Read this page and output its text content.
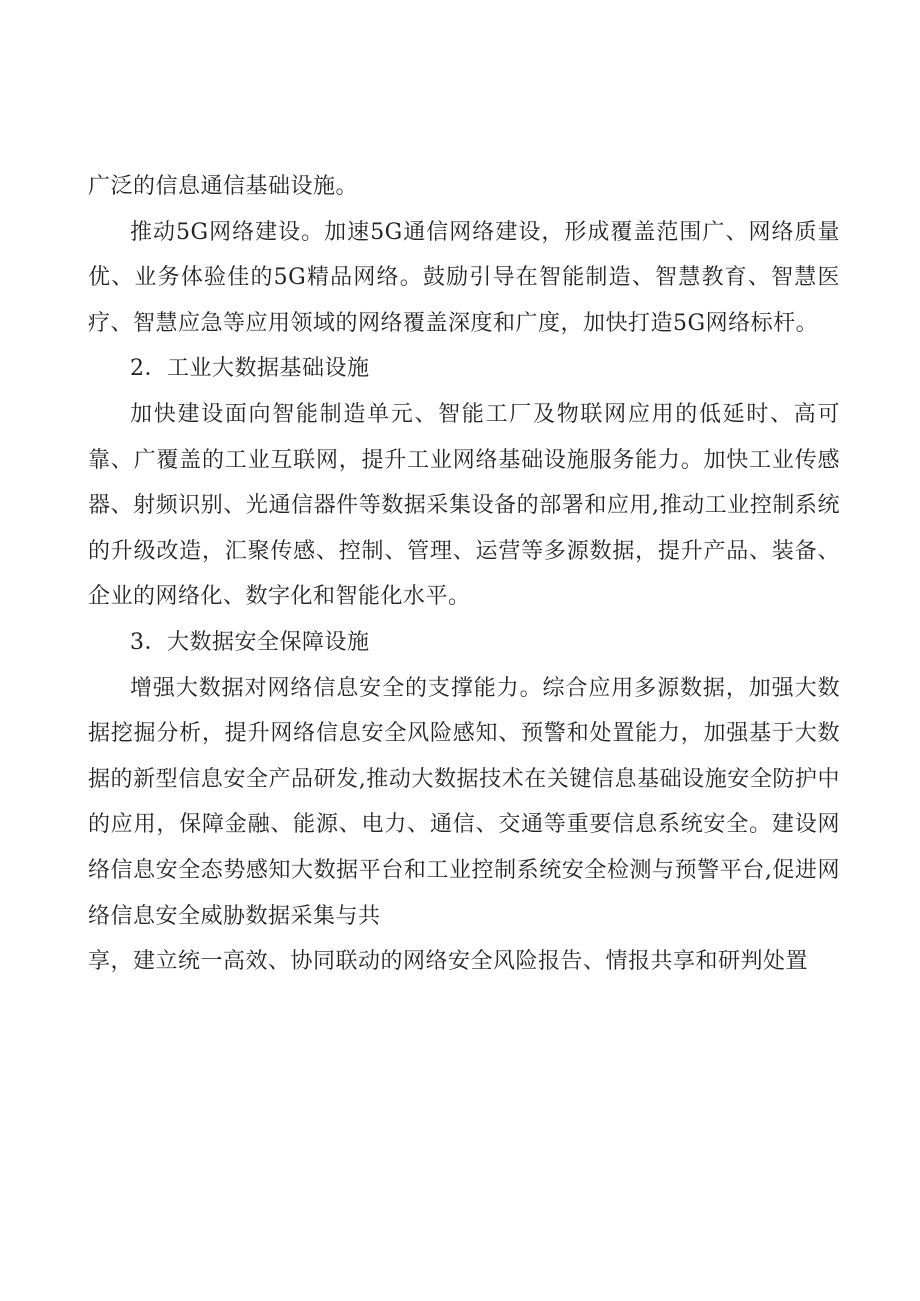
广泛的信息通信基础设施。

推动5G网络建设。加速5G通信网络建设，形成覆盖范围广、网络质量优、业务体验佳的5G精品网络。鼓励引导在智能制造、智慧教育、智慧医疗、智慧应急等应用领域的网络覆盖深度和广度，加快打造5G网络标杆。

2．工业大数据基础设施

加快建设面向智能制造单元、智能工厂及物联网应用的低延时、高可靠、广覆盖的工业互联网，提升工业网络基础设施服务能力。加快工业传感器、射频识别、光通信器件等数据采集设备的部署和应用,推动工业控制系统的升级改造，汇聚传感、控制、管理、运营等多源数据，提升产品、装备、企业的网络化、数字化和智能化水平。

3．大数据安全保障设施

增强大数据对网络信息安全的支撑能力。综合应用多源数据，加强大数据挖掘分析，提升网络信息安全风险感知、预警和处置能力，加强基于大数据的新型信息安全产品研发,推动大数据技术在关键信息基础设施安全防护中的应用，保障金融、能源、电力、通信、交通等重要信息系统安全。建设网络信息安全态势感知大数据平台和工业控制系统安全检测与预警平台,促进网络信息安全威胁数据采集与共

享，建立统一高效、协同联动的网络安全风险报告、情报共享和研判处置
